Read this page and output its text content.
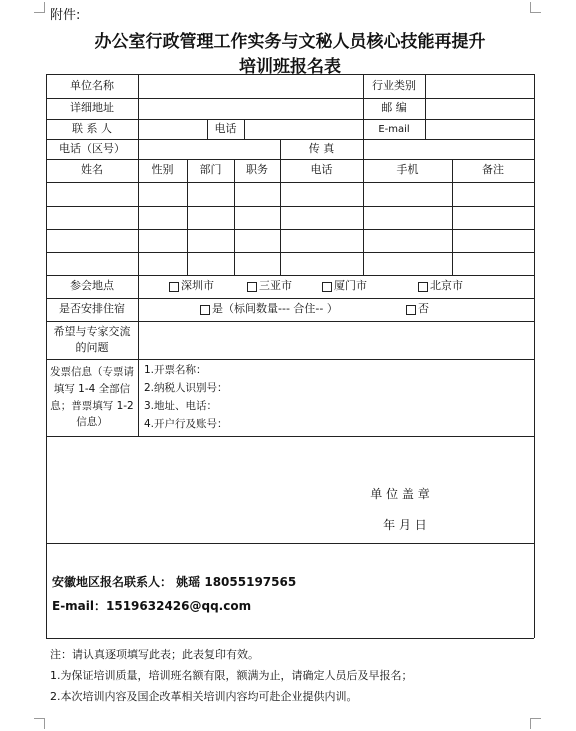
附件:
办公室行政管理工作实务与文秘人员核心技能再提升
培训班报名表
单位名称	行业类别
详细地址	邮 编
联 系 人	电话	E-mail
电话（区号）	传 真
姓名	性别	部门	职务	电话	手机	备注
参会地点	深圳市	三亚市	厦门市	北京市
是否安排住宿	是（标间数量--- 合住-- ）	否
希望与专家交流的问题
发票信息（专票请填写 1-4 全部信息；普票填写 1-2 信息）
1.开票名称：
2.纳税人识别号：
3.地址、电话：
4.开户行及账号：
单 位 盖 章
年 月 日
安徽地区报名联系人： 姚瑶 18055197565
E-mail：1519632426@qq.com
注：请认真逐项填写此表；此表复印有效。
1.为保证培训质量，培训班名额有限，额满为止，请确定人员后及早报名；
2.本次培训内容及国企改革相关培训内容均可赴企业提供内训。
